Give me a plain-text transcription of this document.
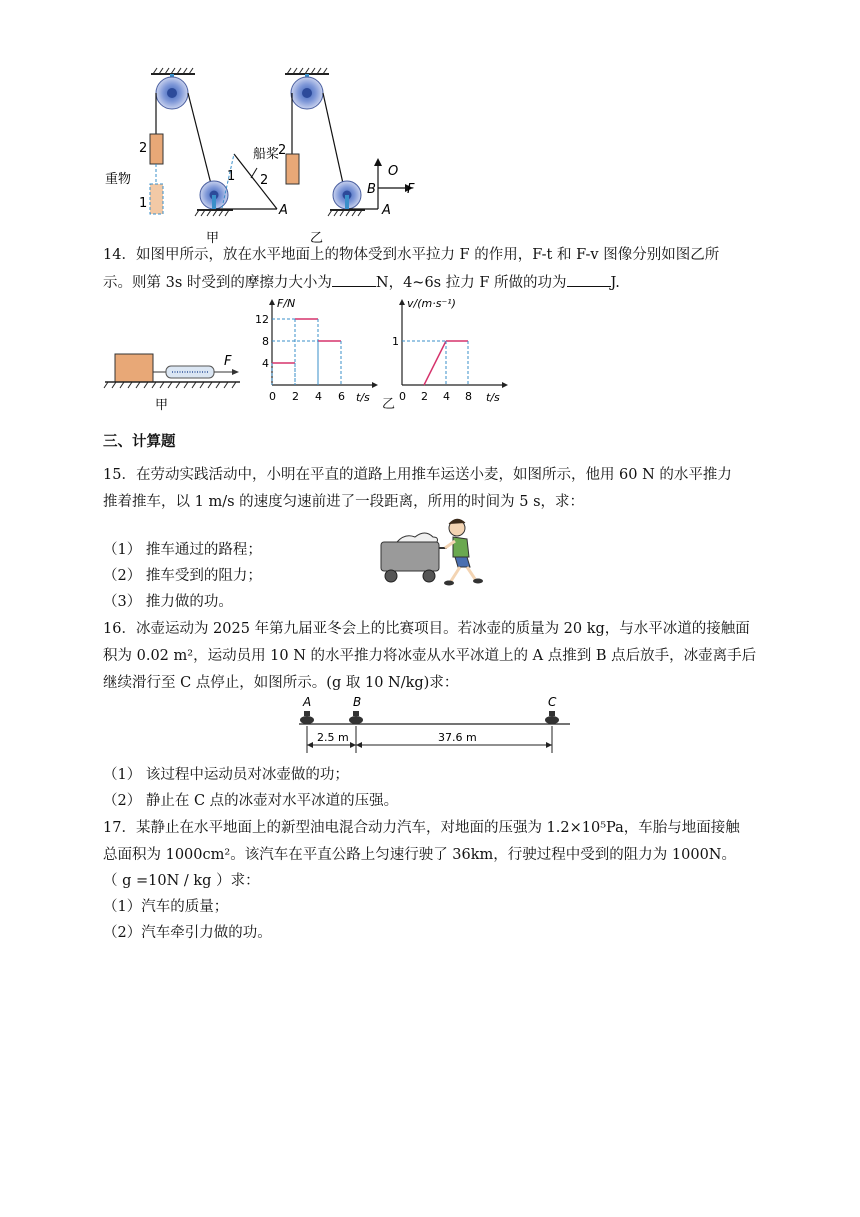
2
1
重物	1 2
船桨
A
甲
2
O
B F
A
乙
14．如图甲所示，放在水平地面上的物体受到水平拉力 F 的作用，F-t 和 F-v 图像分别如图乙所
示。则第 3s 时受到的摩擦力大小为	N，4~6s 拉力 F 所做的功为	J.
F
甲
F/N
t/s
0 2 4 6
4
8
12
v/(m·s⁻¹)
t/s
0 2 4 8
1
乙
三、计算题
15．在劳动实践活动中，小明在平直的道路上用推车运送小麦，如图所示，他用 60 N 的水平推力
推着推车，以 1 m/s 的速度匀速前进了一段距离，所用的时间为 5 s，求：
（1） 推车通过的路程；
（2） 推车受到的阻力；
（3） 推力做的功。
16．冰壶运动为 2025 年第九届亚冬会上的比赛项目。若冰壶的质量为 20 kg，与水平冰道的接触面
积为 0.02 m²，运动员用 10 N 的水平推力将冰壶从水平冰道上的 A 点推到 B 点后放手，冰壶离手后
继续滑行至 C 点停止，如图所示。(g 取 10 N/kg)求：
A	B	C
2.5 m	37.6 m
（1） 该过程中运动员对冰壶做的功；
（2） 静止在 C 点的冰壶对水平冰道的压强。
17．某静止在水平地面上的新型油电混合动力汽车，对地面的压强为 1.2×10⁵Pa，车胎与地面接触
总面积为 1000cm²。该汽车在平直公路上匀速行驶了 36km，行驶过程中受到的阻力为 1000N。
（ g =10N / kg ）求：
（1）汽车的质量；
（2）汽车牵引力做的功。
